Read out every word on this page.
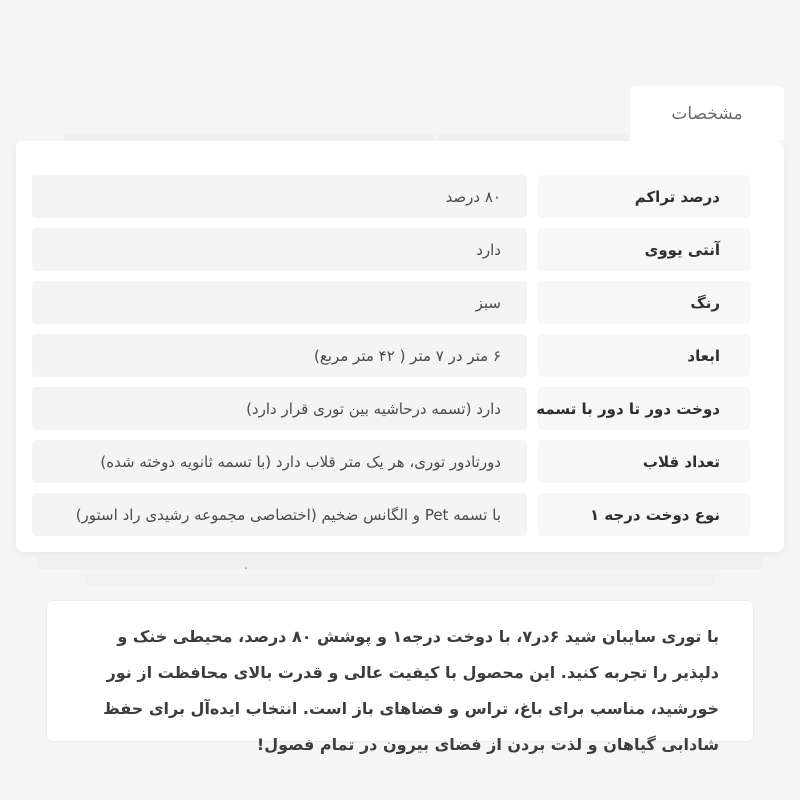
مشخصات
درصد تراکم
۸۰ درصد
آنتی یووی
دارد
رنگ
سبز
ابعاد
۶ متر در ۷ متر ( ۴۲ متر مربع)
دوخت دور تا دور با تسمه
دارد (تسمه درحاشیه بین توری قرار دارد)
تعداد قلاب
دورتادور توری، هر یک متر قلاب دارد (با تسمه ثانویه دوخته شده)
نوع دوخت درجه ۱
با تسمه Pet و الگانس ضخیم (اختصاصی مجموعه رشیدی راد استور)
.

با توری سایبان شید ۶در۷، با دوخت درجه۱ و پوشش ۸۰ درصد، محیطی خنک و دلپذیر را تجربه کنید. این محصول با کیفیت عالی و قدرت بالای محافظت از نور خورشید، مناسب برای باغ، تراس و فضاهای باز است. انتخاب ایده‌آل برای حفظ شادابی گیاهان و لذت بردن از فضای بیرون در تمام فصول!
